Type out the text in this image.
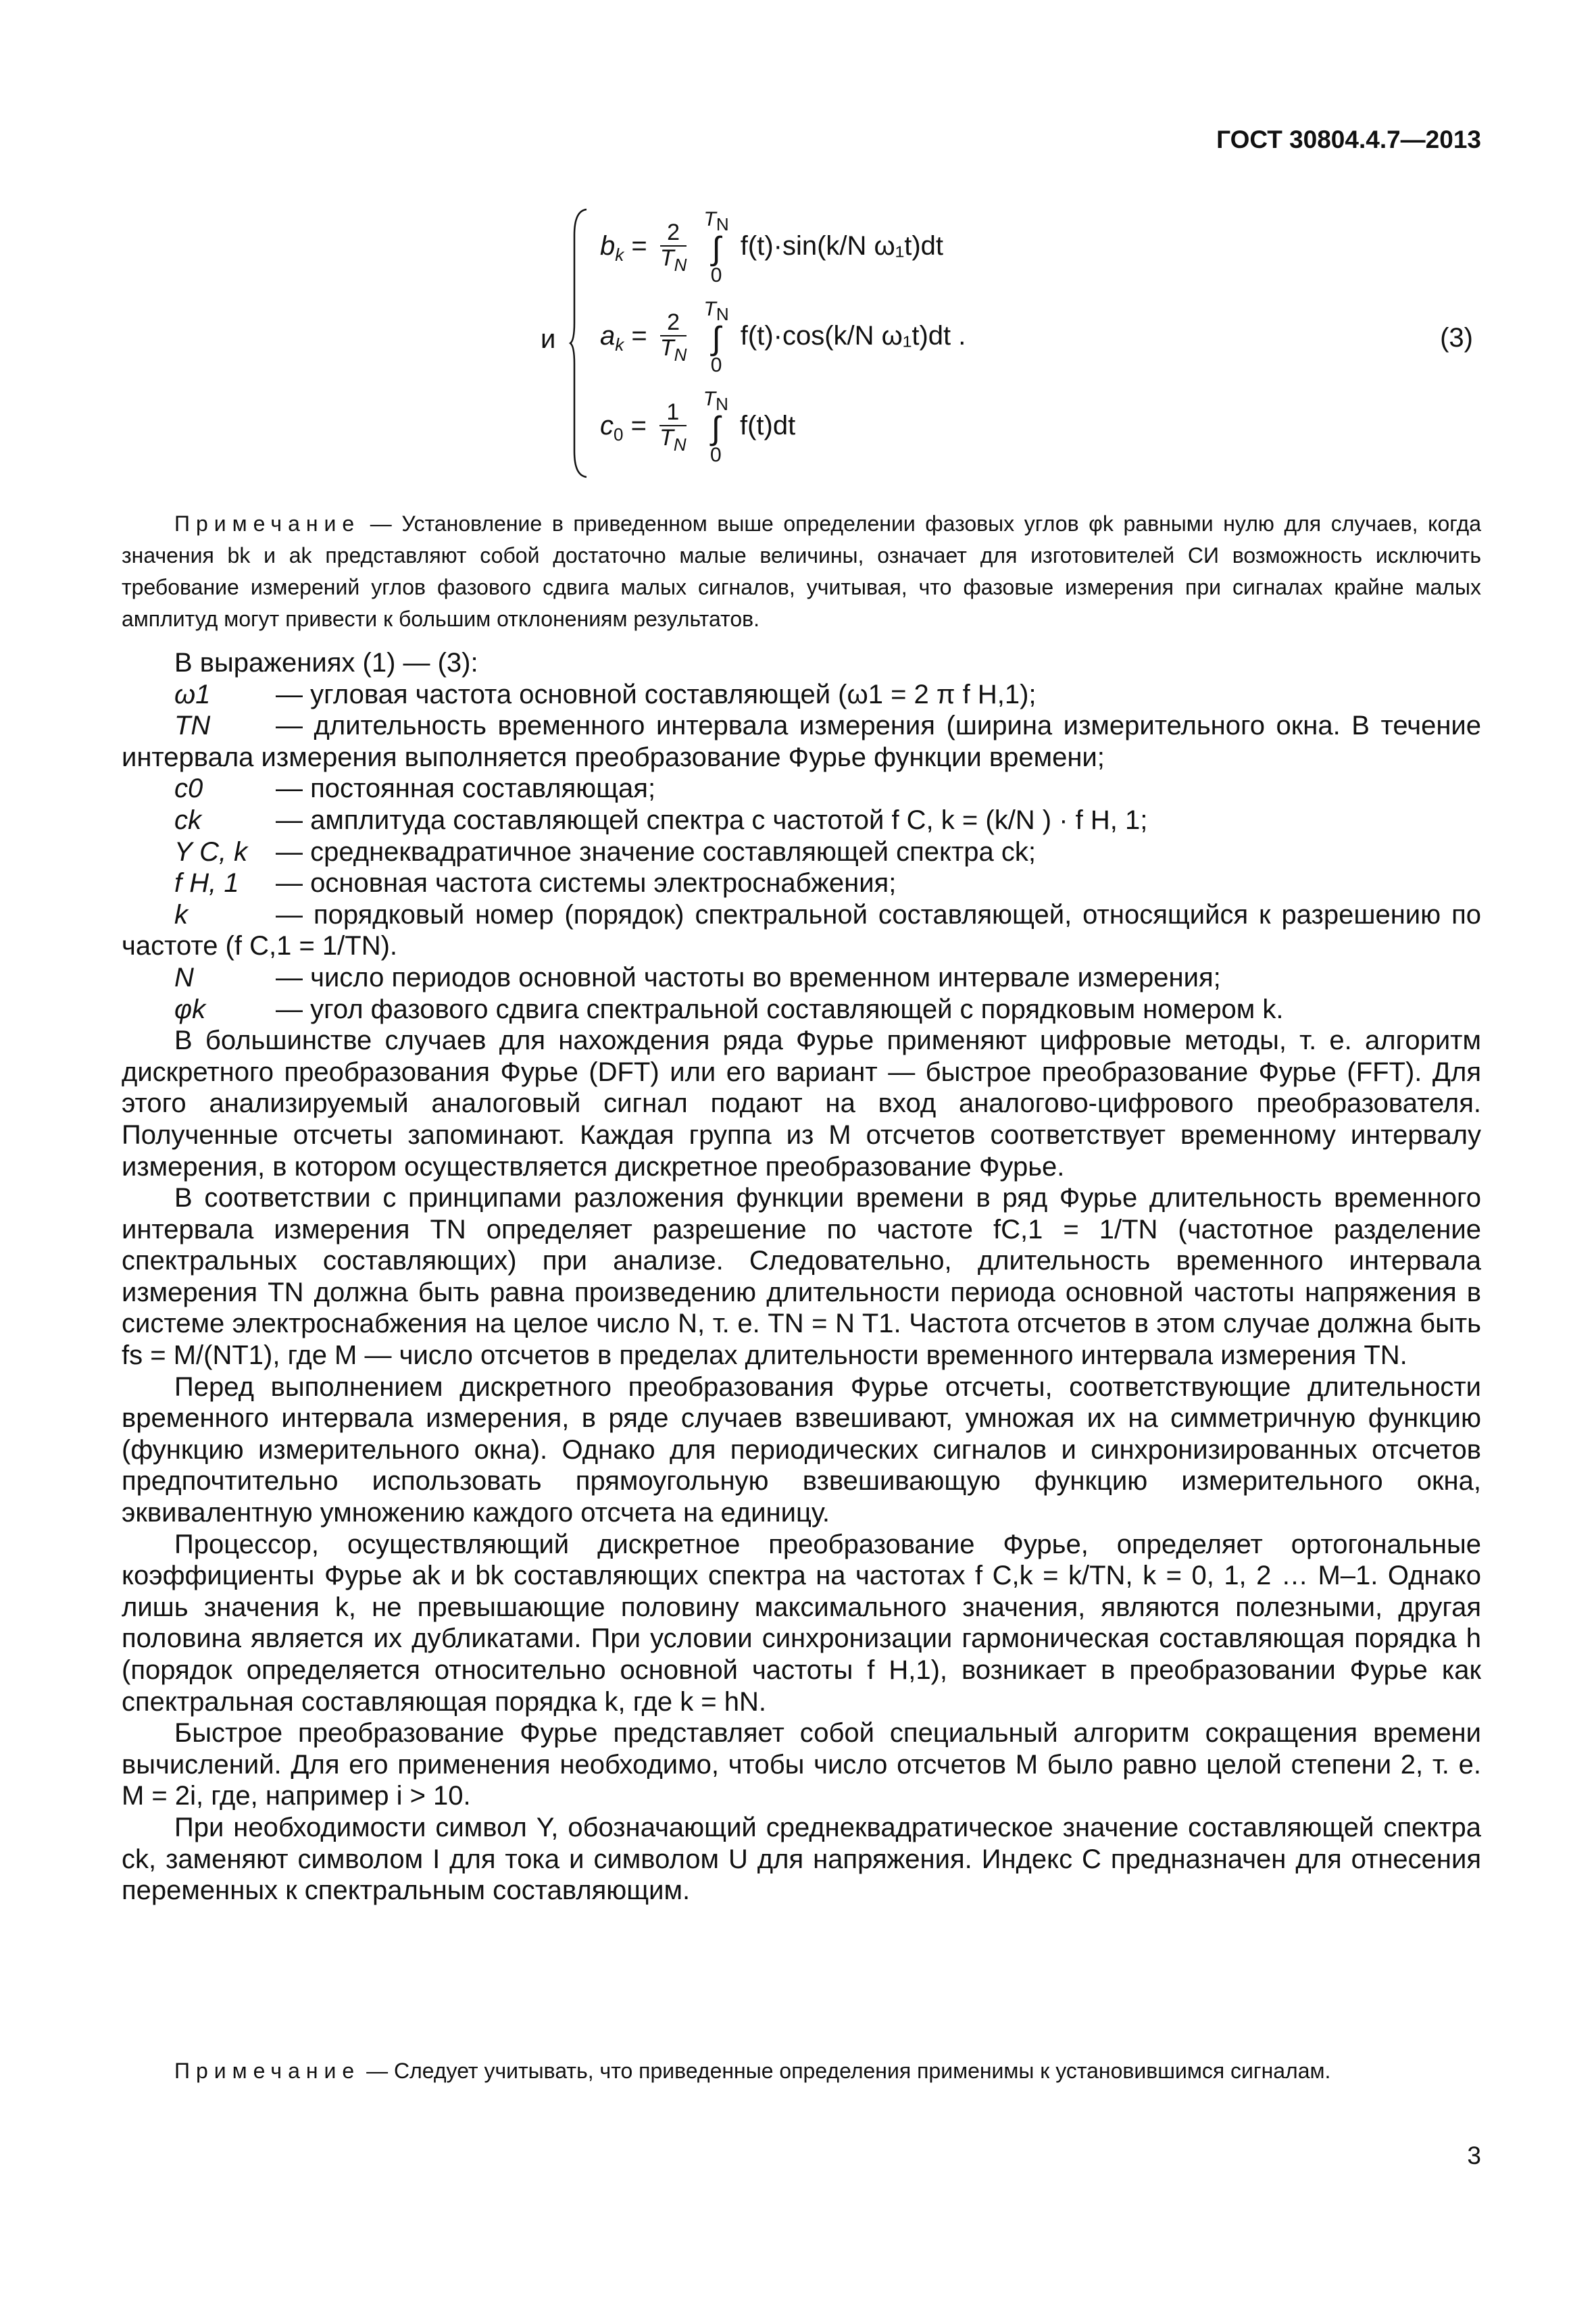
ГОСТ 30804.4.7—2013
и
$b_k = \frac{2}{T_N}$
$T_N$
∫
0 f(t)·sin(k/N ω₁t)dt
$a_k = \frac{2}{T_N}$
$T_N$
∫
0 f(t)·cos(k/N ω₁t)dt .
$c_0 = \frac{1}{T_N}$
$T_N$
∫
0 f(t)dt
(3)

Примечание — Установление в приведенном выше определении фазовых углов φk равными нулю для случаев, когда значения bk и ak представляют собой достаточно малые величины, означает для изготовителей СИ возможность исключить требование измерений углов фазового сдвига малых сигналов, учитывая, что фазовые измерения при сигналах крайне малых амплитуд могут привести к большим отклонениям результатов.

В выражениях (1) — (3):

ω1	— угловая частота основной составляющей (ω1 = 2 π f H,1);

TN — длительность временного интервала измерения (ширина измерительного окна. В течение интервала измерения выполняется преобразование Фурье функции времени;

c0	— постоянная составляющая;
ck	— амплитуда составляющей спектра с частотой f C, k = (k/N ) · f H, 1;
Y C, k	— среднеквадратичное значение составляющей спектра ck;
f H, 1	— основная частота системы электроснабжения;

k	— порядковый номер (порядок) спектральной составляющей, относящийся к разрешению по частоте (f C,1 = 1/TN).

N	— число периодов основной частоты во временном интервале измерения;
φk	— угол фазового сдвига спектральной составляющей с порядковым номером k.

В большинстве случаев для нахождения ряда Фурье применяют цифровые методы, т. е. алгоритм дискретного преобразования Фурье (DFT) или его вариант — быстрое преобразование Фурье (FFT). Для этого анализируемый аналоговый сигнал подают на вход аналогово-цифрового преобразователя. Полученные отсчеты запоминают. Каждая группа из M отсчетов соответствует временному интервалу измерения, в котором осуществляется дискретное преобразование Фурье.

В соответствии с принципами разложения функции времени в ряд Фурье длительность временного интервала измерения TN определяет разрешение по частоте fC,1 = 1/TN (частотное разделение спектральных составляющих) при анализе. Следовательно, длительность временного интервала измерения TN должна быть равна произведению длительности периода основной частоты напряжения в системе электроснабжения на целое число N, т. е. TN = N T1. Частота отсчетов в этом случае должна быть fs = M/(NT1), где M — число отсчетов в пределах длительности временного интервала измерения TN.

Перед выполнением дискретного преобразования Фурье отсчеты, соответствующие длительности временного интервала измерения, в ряде случаев взвешивают, умножая их на симметричную функцию (функцию измерительного окна). Однако для периодических сигналов и синхронизированных отсчетов предпочтительно использовать прямоугольную взвешивающую функцию измерительного окна, эквивалентную умножению каждого отсчета на единицу.

Процессор, осуществляющий дискретное преобразование Фурье, определяет ортогональные коэффициенты Фурье ak и bk составляющих спектра на частотах f C,k = k/TN, k = 0, 1, 2 … M–1. Однако лишь значения k, не превышающие половину максимального значения, являются полезными, другая половина является их дубликатами. При условии синхронизации гармоническая составляющая порядка h (порядок определяется относительно основной частоты f H,1), возникает в преобразовании Фурье как спектральная составляющая порядка k, где k = hN.

Быстрое преобразование Фурье представляет собой специальный алгоритм сокращения времени вычислений. Для его применения необходимо, чтобы число отсчетов M было равно целой степени 2, т. е. M = 2i, где, например i > 10.

При необходимости символ Y, обозначающий среднеквадратическое значение составляющей спектра ck, заменяют символом I для тока и символом U для напряжения. Индекс C предназначен для отнесения переменных к спектральным составляющим.

Примечание — Следует учитывать, что приведенные определения применимы к установившимся сигналам.

3
